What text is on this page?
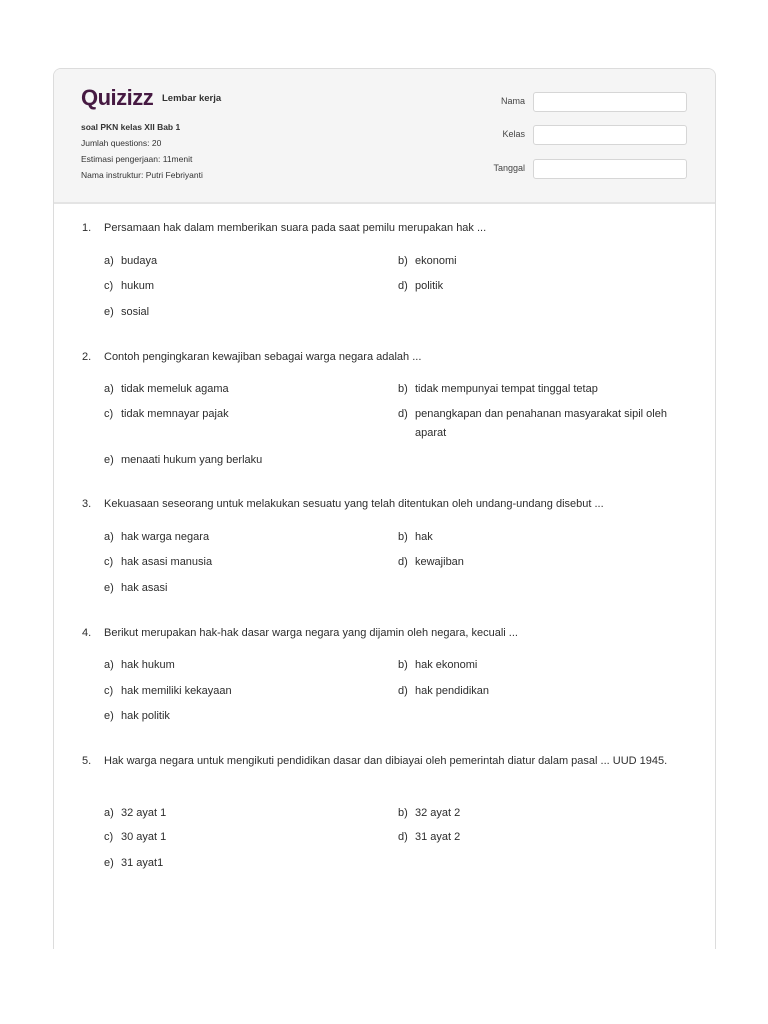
Quizizz Lembar kerja
soal PKN kelas XII Bab 1
Jumlah questions: 20
Estimasi pengerjaan: 11menit
Nama instruktur: Putri Febriyanti
Nama
Kelas
Tanggal
1. Persamaan hak dalam memberikan suara pada saat pemilu merupakan hak ...
a) budaya	b) ekonomi
c) hukum	d) politik
e) sosial
2. Contoh pengingkaran kewajiban sebagai warga negara adalah ...
a) tidak memeluk agama	b) tidak mempunyai tempat tinggal tetap
c) tidak memnayar pajak	d) penangkapan dan penahanan masyarakat sipil oleh aparat
e) menaati hukum yang berlaku
3. Kekuasaan seseorang untuk melakukan sesuatu yang telah ditentukan oleh undang-undang disebut ...
a) hak warga negara	b) hak
c) hak asasi manusia	d) kewajiban
e) hak asasi
4. Berikut merupakan hak-hak dasar warga negara yang dijamin oleh negara, kecuali ...
a) hak hukum	b) hak ekonomi
c) hak memiliki kekayaan	d) hak pendidikan
e) hak politik
5. Hak warga negara untuk mengikuti pendidikan dasar dan dibiayai oleh pemerintah diatur dalam pasal ... UUD 1945.
a) 32 ayat 1	b) 32 ayat 2
c) 30 ayat 1	d) 31 ayat 2
e) 31 ayat1
